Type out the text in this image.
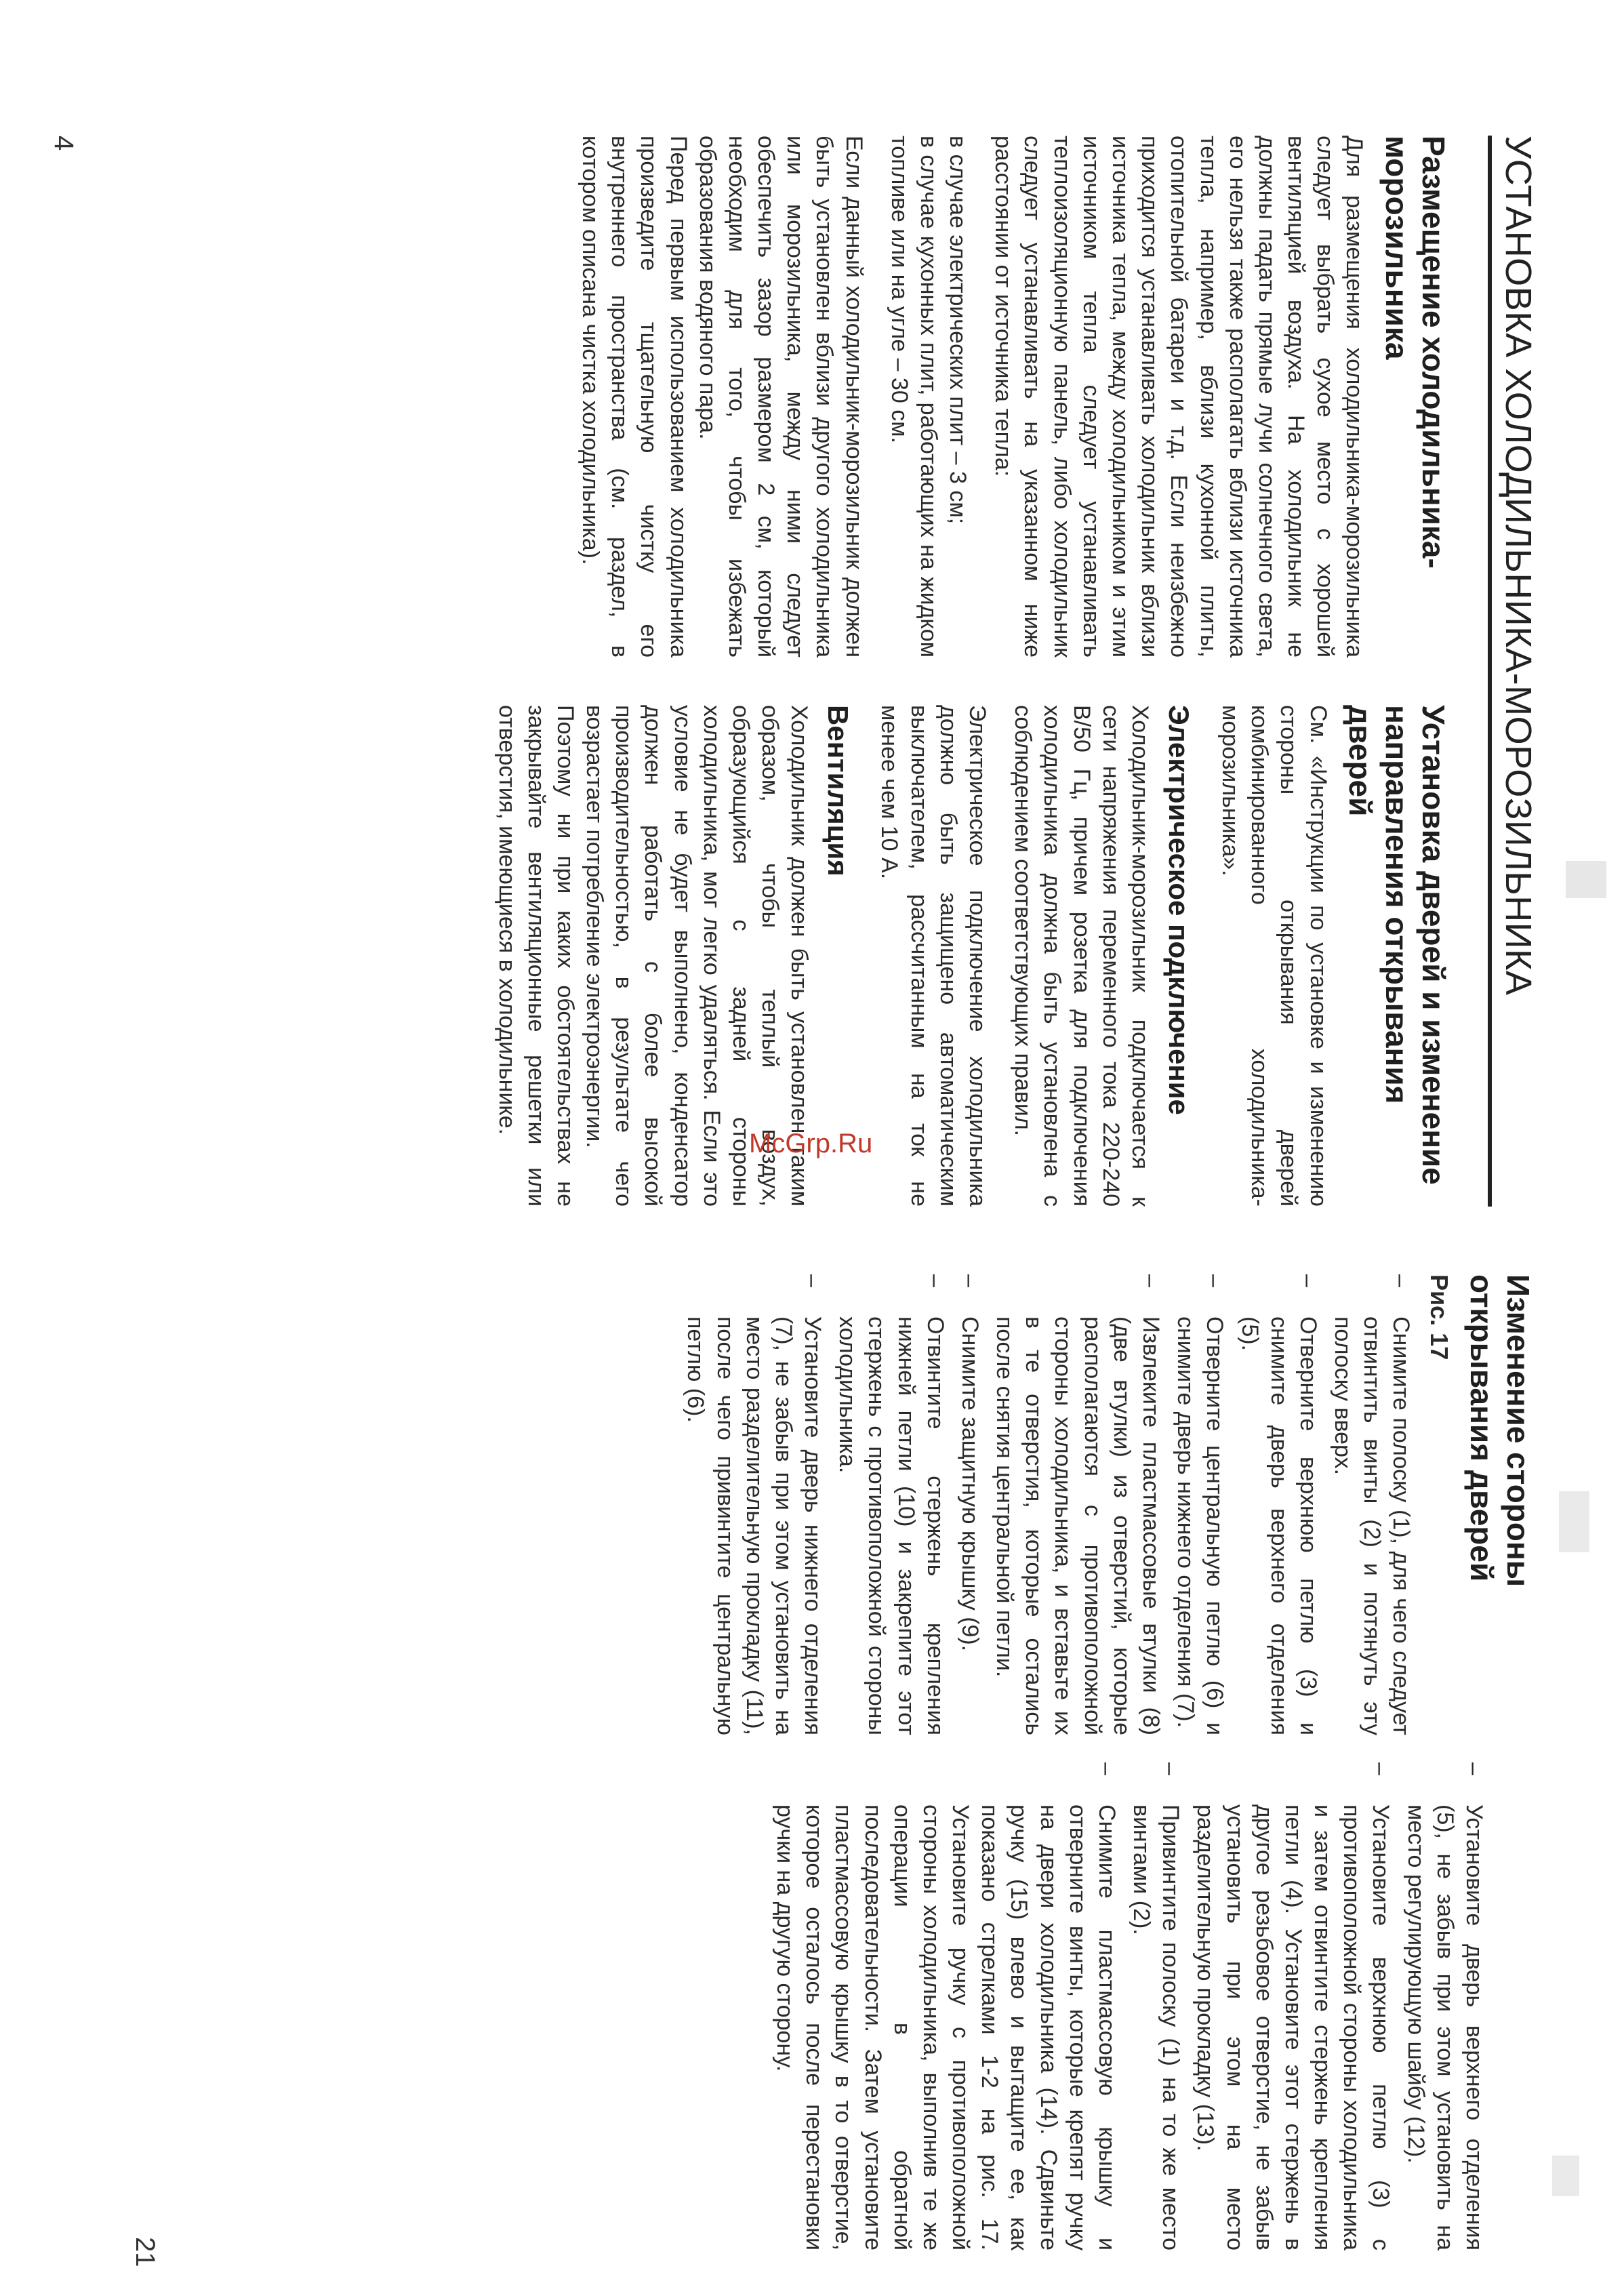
УСТАНОВКА ХОЛОДИЛЬНИКА-МОРОЗИЛЬНИКА
Размещение холодильника-морозильника

Для размещения холодильника-морозильника следует выбрать сухое место с хорошей вентиляцией воздуха. На холодильник не должны падать прямые лучи солнечного света, его нельзя также располагать вблизи источника тепла, например, вблизи кухонной плиты, отопительной батареи и т.д. Если неизбежно приходится устанавливать холодильник вблизи источника тепла, между холодильником и этим источником тепла следует устанавливать теплоизоляционную панель, либо холодильник следует устанавливать на указанном ниже расстоянии от источника тепла:

в случае электрических плит – 3 см;

в случае кухонных плит, работающих на жидком топливе или на угле – 30 см.

Если данный холодильник-морозильник должен быть установлен вблизи другого холодильника или морозильника, между ними следует обеспечить зазор размером 2 см, который необходим для того, чтобы избежать образования водяного пара.

Перед первым использованием холодильника произведите тщательную чистку его внутреннего пространства (см. раздел, в котором описана чистка холодильника).

Установка дверей и изменение направления открывания дверей

См. «Инструкции по установке и изменению стороны открывания дверей комбинированного холодильника-морозильника».

Электрическое подключение

Холодильник-морозильник подключается к сети напряжения переменного тока 220-240 В/50 Гц, причем розетка для подключения холодильника должна быть установлена с соблюдением соответствующих правил.

Электрическое подключение холодильника должно быть защищено автоматическим выключателем, рассчитанным на ток не менее чем 10 А.

Вентиляция

Холодильник должен быть установлен таким образом, чтобы теплый воздух, образующийся с задней стороны холодильника, мог легко удаляться. Если это условие не будет выполнено, конденсатор должен работать с более высокой производительностью, в результате чего возрастает потребление электроэнергии.

Поэтому ни при каких обстоятельствах не закрывайте вентиляционные решетки или отверстия, имеющиеся в холодильнике.

Изменение стороны открывания дверей
Рис. 17
– Снимите полоску (1), для чего следует отвинтить винты (2) и потянуть эту полоску вверх.
– Отверните верхнюю петлю (3) и снимите дверь верхнего отделения (5).
– Отверните центральную петлю (6) и снимите дверь нижнего отделения (7).
– Извлеките пластмассовые втулки (8) (две втулки) из отверстий, которые располагаются с противоположной стороны холодильника, и вставьте их в те отверстия, которые остались после снятия центральной петли.
– Снимите защитную крышку (9).
– Отвинтите стержень крепления нижней петли (10) и закрепите этот стержень с противоположной стороны холодильника.
– Установите дверь нижнего отделения (7), не забыв при этом установить на место разделительную прокладку (11), после чего привинтите центральную петлю (6).
– Установите дверь верхнего отделения (5), не забыв при этом установить на место регулирующую шайбу (12).
– Установите верхнюю петлю (3) с противоположной стороны холодильника и затем отвинтите стержень крепления петли (4). Установите этот стержень в другое резьбовое отверстие, не забыв установить при этом на место разделительную прокладку (13).
– Привинтите полоску (1) на то же место винтами (2).
– Снимите пластмассовую крышку и отверните винты, которые крепят ручку на двери холодильника (14). Сдвиньте ручку (15) влево и вытащите ее, как показано стрелками 1-2 на рис. 17. Установите ручку с противоположной стороны холодильника, выполнив те же операции в обратной последовательности. Затем установите пластмассовую крышку в то отверстие, которое осталось после перестановки ручки на другую сторону.
4
21
McGrp.Ru
